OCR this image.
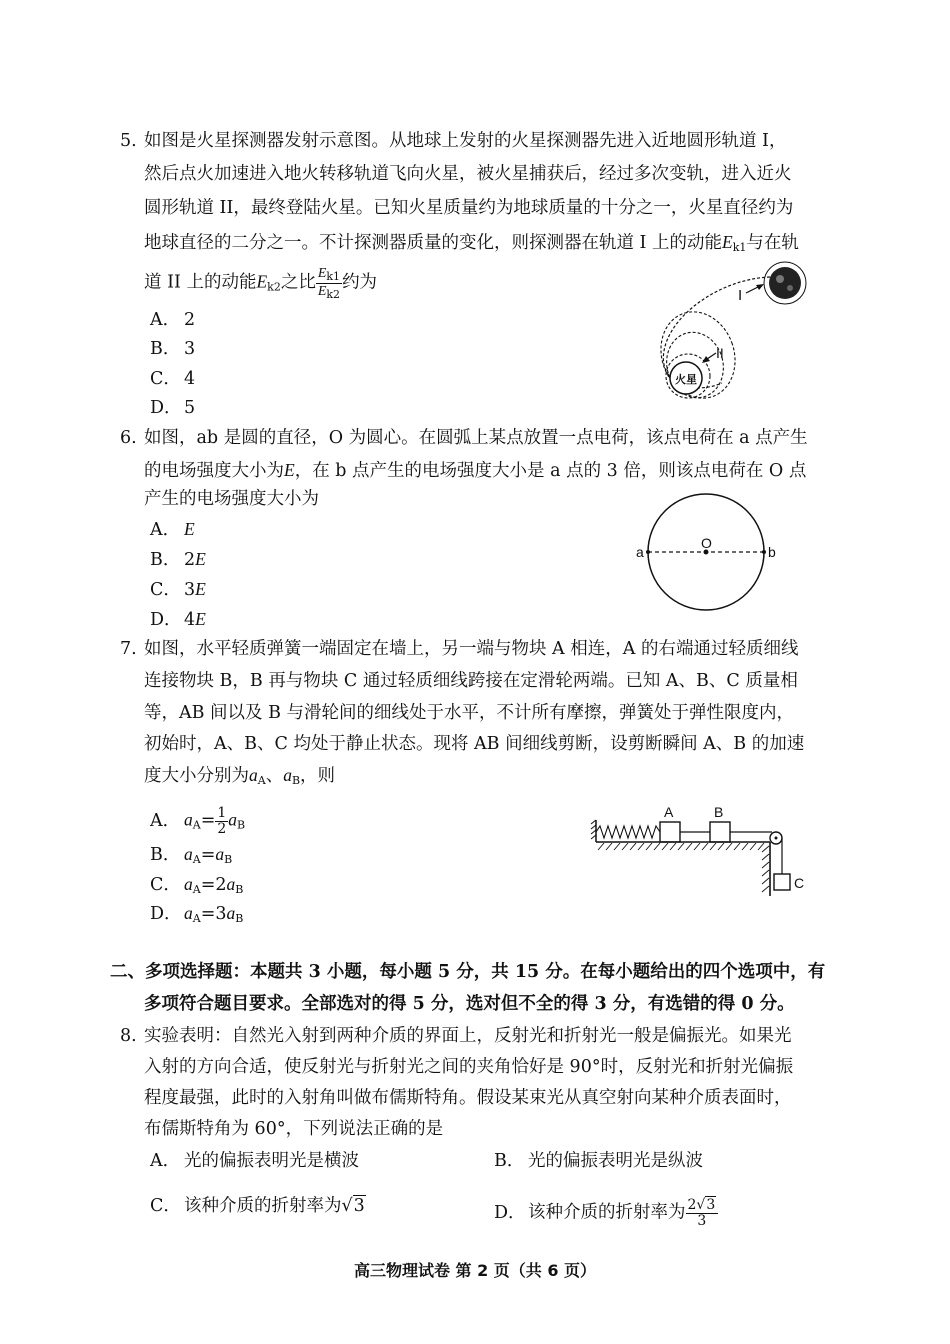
5. 如图是火星探测器发射示意图。从地球上发射的火星探测器先进入近地圆形轨道 I，
然后点火加速进入地火转移轨道飞向火星，被火星捕获后，经过多次变轨，进入近火
圆形轨道 II，最终登陆火星。已知火星质量约为地球质量的十分之一，火星直径约为
地球直径的二分之一。不计探测器质量的变化，则探测器在轨道 I 上的动能$E_{k1}$与在轨
道 II 上的动能$E_{k2}$之比 $\frac{E_{k1}}{E_{k2}}$ 约为
A． 2
B． 3
C． 4
D． 5
火星
I
II
6. 如图，ab 是圆的直径，O 为圆心。在圆弧上某点放置一点电荷，该点电荷在 a 点产生
的电场强度大小为E，在 b 点产生的电场强度大小是 a 点的 3 倍，则该点电荷在 O 点
产生的电场强度大小为
A． E
B． 2E
C． 3E
D． 4E
a
O
b
7. 如图，水平轻质弹簧一端固定在墙上，另一端与物块 A 相连，A 的右端通过轻质细线
连接物块 B，B 再与物块 C 通过轻质细线跨接在定滑轮两端。已知 A、B、C 质量相
等，AB 间以及 B 与滑轮间的细线处于水平，不计所有摩擦，弹簧处于弹性限度内，
初始时，A、B、C 均处于静止状态。现将 AB 间细线剪断，设剪断瞬间 A、B 的加速
度大小分别为$a_A$、$a_B$，则
A． $a_A= \frac{1}{2} a_B$
B． $a_A=a_B$
C． $a_A=2a_B$
D． $a_A=3a_B$
A	B
C
二、多项选择题：本题共 3 小题，每小题 5 分，共 15 分。在每小题给出的四个选项中，有
多项符合题目要求。全部选对的得 5 分，选对但不全的得 3 分，有选错的得 0 分。
8. 实验表明：自然光入射到两种介质的界面上，反射光和折射光一般是偏振光。如果光
入射的方向合适，使反射光与折射光之间的夹角恰好是 90°时，反射光和折射光偏振
程度最强，此时的入射角叫做布儒斯特角。假设某束光从真空射向某种介质表面时，
布儒斯特角为 60°，下列说法正确的是
A． 光的偏振表明光是横波	B． 光的偏振表明光是纵波
C． 该种介质的折射率为√3	D． 该种介质的折射率为 $\frac{2√3}{3}$
高三物理试卷 第 2 页（共 6 页）
